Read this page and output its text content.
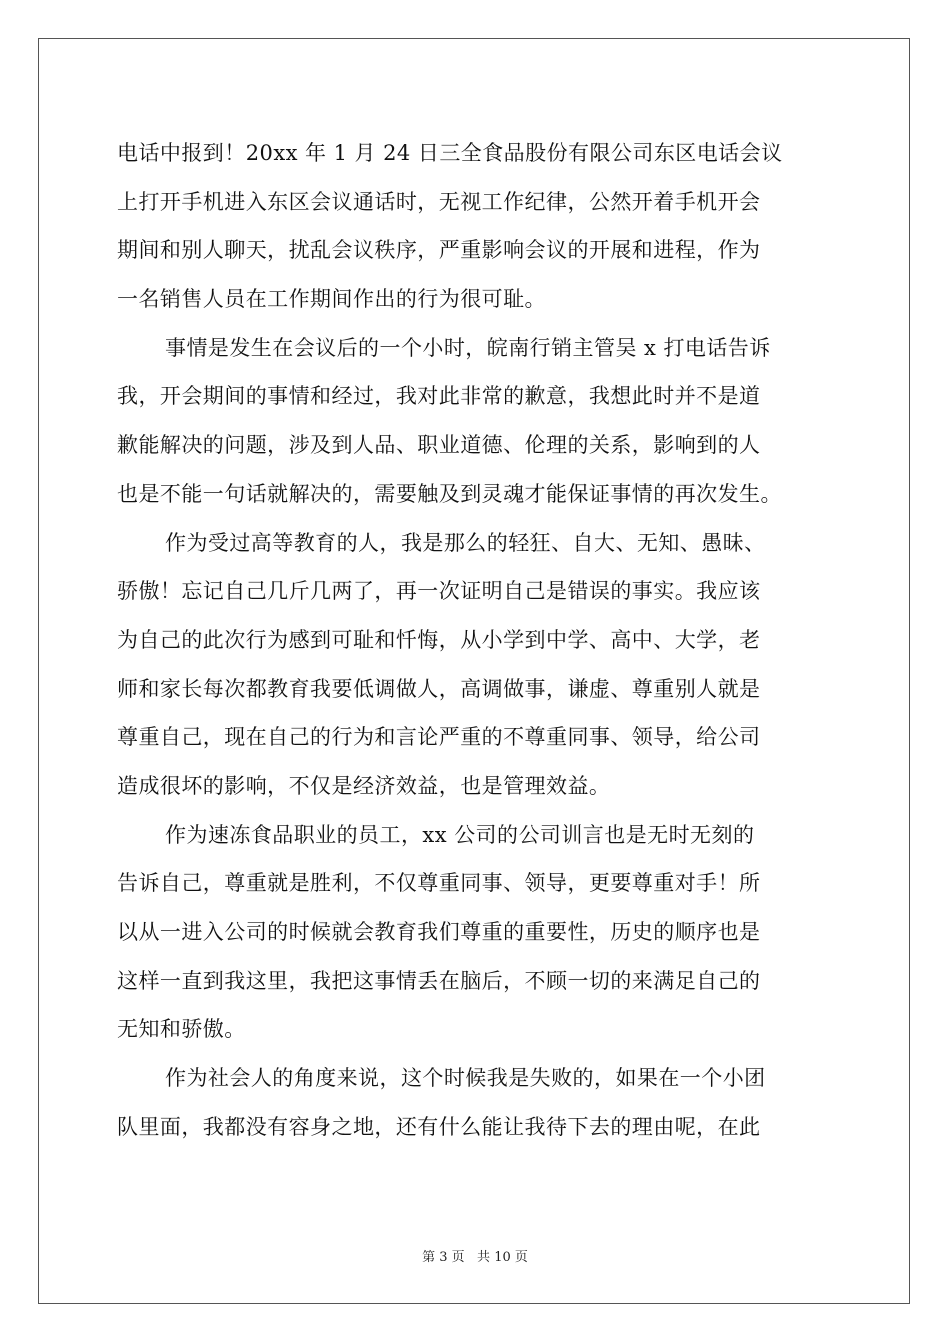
电话中报到！20xx 年 1 月 24 日三全食品股份有限公司东区电话会议
上打开手机进入东区会议通话时，无视工作纪律，公然开着手机开会
期间和别人聊天，扰乱会议秩序，严重影响会议的开展和进程，作为
一名销售人员在工作期间作出的行为很可耻。
事情是发生在会议后的一个小时，皖南行销主管吴 x 打电话告诉
我，开会期间的事情和经过，我对此非常的歉意，我想此时并不是道
歉能解决的问题，涉及到人品、职业道德、伦理的关系，影响到的人
也是不能一句话就解决的，需要触及到灵魂才能保证事情的再次发生。
作为受过高等教育的人，我是那么的轻狂、自大、无知、愚昧、
骄傲！忘记自己几斤几两了，再一次证明自己是错误的事实。我应该
为自己的此次行为感到可耻和忏悔，从小学到中学、高中、大学，老
师和家长每次都教育我要低调做人，高调做事，谦虚、尊重别人就是
尊重自己，现在自己的行为和言论严重的不尊重同事、领导，给公司
造成很坏的影响，不仅是经济效益，也是管理效益。
作为速冻食品职业的员工，xx 公司的公司训言也是无时无刻的
告诉自己，尊重就是胜利，不仅尊重同事、领导，更要尊重对手！所
以从一进入公司的时候就会教育我们尊重的重要性，历史的顺序也是
这样一直到我这里，我把这事情丢在脑后，不顾一切的来满足自己的
无知和骄傲。
作为社会人的角度来说，这个时候我是失败的，如果在一个小团
队里面，我都没有容身之地，还有什么能让我待下去的理由呢，在此
第 3 页   共 10 页
